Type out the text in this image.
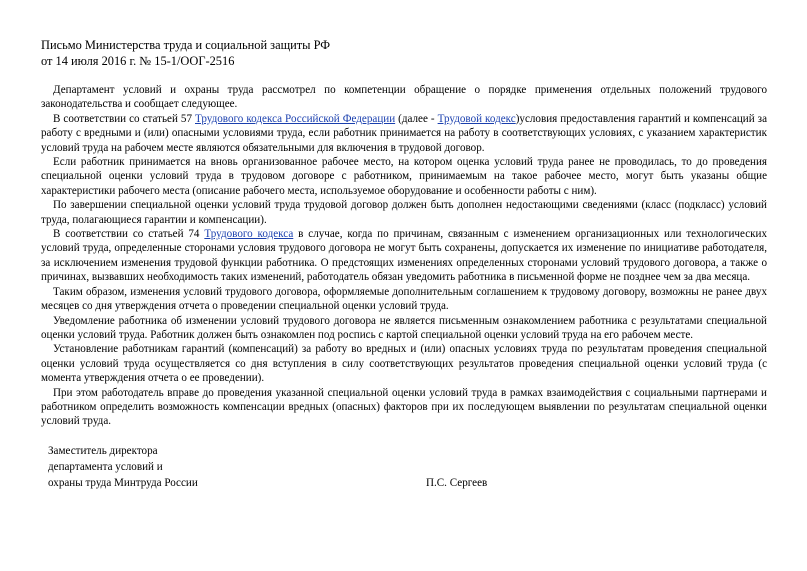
Письмо Министерства труда и социальной защиты РФ
от 14 июля 2016 г. № 15-1/ООГ-2516

Департамент условий и охраны труда рассмотрел по компетенции обращение о порядке применения отдельных положений трудового законодательства и сообщает следующее.

В соответствии со статьей 57 Трудового кодекса Российской Федерации (далее - Трудовой кодекс)условия предоставления гарантий и компенсаций за работу с вредными и (или) опасными условиями труда, если работник принимается на работу в соответствующих условиях, с указанием характеристик условий труда на рабочем месте являются обязательными для включения в трудовой договор.

Если работник принимается на вновь организованное рабочее место, на котором оценка условий труда ранее не проводилась, то до проведения специальной оценки условий труда в трудовом договоре с работником, принимаемым на такое рабочее место, могут быть указаны общие характеристики рабочего места (описание рабочего места, используемое оборудование и особенности работы с ним).

По завершении специальной оценки условий труда трудовой договор должен быть дополнен недостающими сведениями (класс (подкласс) условий труда, полагающиеся гарантии и компенсации).

В соответствии со статьей 74 Трудового кодекса в случае, когда по причинам, связанным с изменением организационных или технологических условий труда, определенные сторонами условия трудового договора не могут быть сохранены, допускается их изменение по инициативе работодателя, за исключением изменения трудовой функции работника. О предстоящих изменениях определенных сторонами условий трудового договора, а также о причинах, вызвавших необходимость таких изменений, работодатель обязан уведомить работника в письменной форме не позднее чем за два месяца.

Таким образом, изменения условий трудового договора, оформляемые дополнительным соглашением к трудовому договору, возможны не ранее двух месяцев со дня утверждения отчета о проведении специальной оценки условий труда.

Уведомление работника об изменении условий трудового договора не является письменным ознакомлением работника с результатами специальной оценки условий труда. Работник должен быть ознакомлен под роспись с картой специальной оценки условий труда на его рабочем месте.

Установление работникам гарантий (компенсаций) за работу во вредных и (или) опасных условиях труда по результатам проведения специальной оценки условий труда осуществляется со дня вступления в силу соответствующих результатов проведения специальной оценки условий труда (с момента утверждения отчета о ее проведении).

При этом работодатель вправе до проведения указанной специальной оценки условий труда в рамках взаимодействия с социальными партнерами и работником определить возможность компенсации вредных (опасных) факторов при их последующем выявлении по результатам специальной оценки условий труда.

Заместитель директора
департамента условий и
охраны труда Минтруда России	П.С. Сергеев
